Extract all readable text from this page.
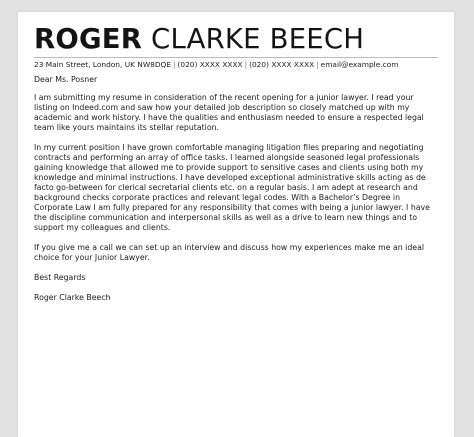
ROGER CLARKE BEECH
23 Main Street, London, UK NW8DQE | (020) XXXX XXXX | (020) XXXX XXXX | email@example.com

Dear Ms. Posner

I am submitting my resume in consideration of the recent opening for a junior lawyer. I read your listing on Indeed.com and saw how your detailed job description so closely matched up with my academic and work history. I have the qualities and enthusiasm needed to ensure a respected legal team like yours maintains its stellar reputation.

In my current position I have grown comfortable managing litigation files preparing and negotiating contracts and performing an array of office tasks. I learned alongside seasoned legal professionals gaining knowledge that allowed me to provide support to sensitive cases and clients using both my knowledge and minimal instructions. I have developed exceptional administrative skills acting as de facto go-between for clerical secretarial clients etc. on a regular basis. I am adept at research and background checks corporate practices and relevant legal codes. With a Bachelor’s Degree in Corporate Law I am fully prepared for any responsibility that comes with being a junior lawyer. I have the discipline communication and interpersonal skills as well as a drive to learn new things and to support my colleagues and clients.

If you give me a call we can set up an interview and discuss how my experiences make me an ideal choice for your Junior Lawyer.

Best Regards

Roger Clarke Beech
